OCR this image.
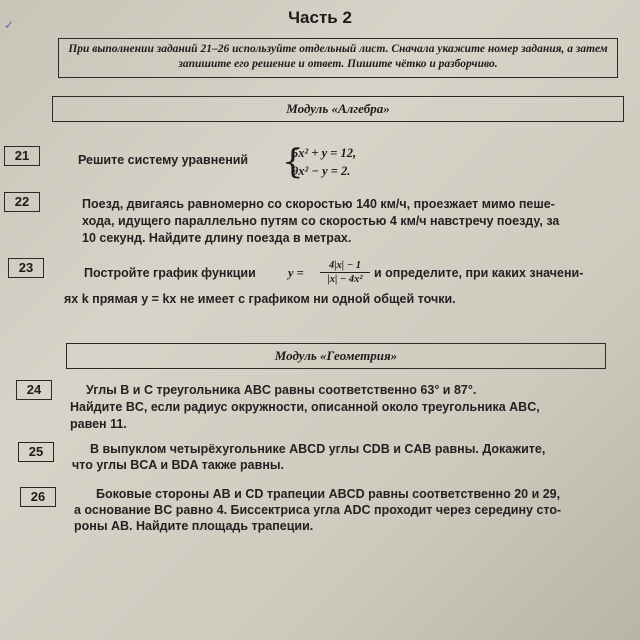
✓	Часть 2
При выполнении заданий 21–26 используйте отдельный лист. Сначала укажите номер задания, а затем запишите его решение и ответ. Пишите чётко и разборчиво.
Модуль «Алгебра»
21	Решите систему уравнений {
5x² + y = 12,
9x² − y = 2.
22	Поезд, двигаясь равномерно со скоростью 140 км/ч, проезжает мимо пеше-
хода, идущего параллельно путям со скоростью 4 км/ч навстречу поезду, за
10 секунд. Найдите длину поезда в метрах.
23	Постройте график функции	$y = \frac{4|x| - 1}{\text{|x| − 4x²}}$ и определите, при каких значени-
ях k прямая y = kx не имеет с графиком ни одной общей точки.
Модуль «Геометрия»
24	Углы B и C треугольника ABC равны соответственно 63° и 87°.
Найдите BC, если радиус окружности, описанной около треугольника ABC,
равен 11.
25	В выпуклом четырёхугольнике ABCD углы CDB и CAB равны. Докажите,
что углы BCA и BDA также равны.
26	Боковые стороны AB и CD трапеции ABCD равны соответственно 20 и 29,
а основание BC равно 4. Биссектриса угла ADC проходит через середину сто-
роны AB. Найдите площадь трапеции.
